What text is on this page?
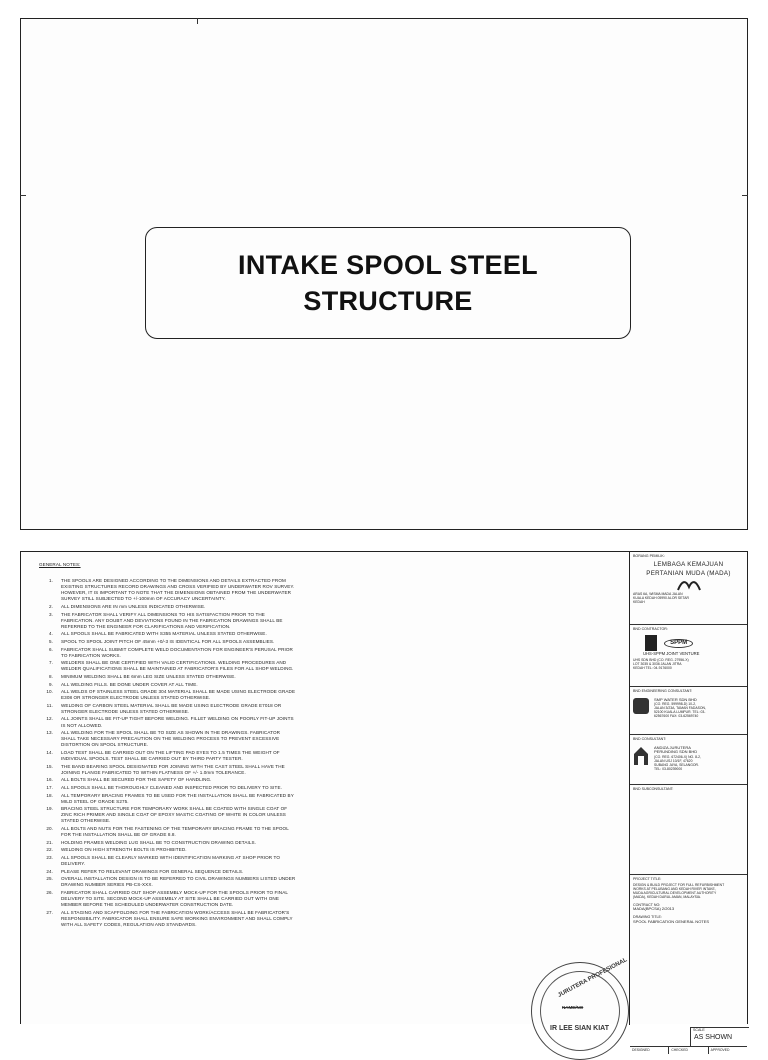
INTAKE SPOOL STEEL
STRUCTURE
GENERAL NOTES:
1.	THE SPOOLS ARE DESIGNED ACCORDING TO THE DIMENSIONS AND DETAILS EXTRACTED FROM EXISTING STRUCTURES RECORD DRAWINGS AND CROSS VERIFIED BY UNDERWATER ROV SURVEY. HOWEVER, IT IS IMPORTANT TO NOTE THAT THE DIMENSIONS OBTAINED FROM THE UNDERWATER SURVEY STILL SUBJECTED TO +/-100mm OF ACCURACY UNCERTAINTY.
2.	ALL DIMENSIONS ARE IN mm UNLESS INDICATED OTHERWISE.
3.	THE FABRICATOR SHALL VERIFY ALL DIMENSIONS TO HIS SATISFACTION PRIOR TO THE FABRICATION. ANY DOUBT AND DEVIATIONS FOUND IN THE FABRICATION DRAWINGS SHALL BE REFERRED TO THE ENGINEER FOR CLARIFICATIONS AND VERIFICATION.
4.	ALL SPOOLS SHALL BE FABRICATED WITH S355 MATERIAL UNLESS STATED OTHERWISE.
5.	SPOOL TO SPOOL JOINT PITCH OF 45mm +0/-3 IS IDENTICAL FOR ALL SPOOLS ASSEMBLIES.
6.	FABRICATOR SHALL SUBMIT COMPLETE WELD DOCUMENTATION FOR ENGINEER'S PERUSAL PRIOR TO FABRICATION WORKS.
7.	WELDERS SHALL BE ONE CERTIFIED WITH VALID CERTIFICATIONS. WELDING PROCEDURES AND WELDER QUALIFICATIONS SHALL BE MAINTAINED AT FABRICATOR'S FILES FOR ALL SHOP WELDING.
8.	MINIMUM WELDING SHALL BE 6mm LEG SIZE UNLESS STATED OTHERWISE.
9.	ALL WELDING FILLS. BE DONE UNDER COVER AT ALL TIME.
10.	ALL WELDS OF STAINLESS STEEL GRADE 304 MATERIAL SHALL BE MADE USING ELECTRODE GRADE E308 OR STRONGER ELECTRODE UNLESS STATED OTHERWISE.
11.	WELDING OF CARBON STEEL MATERIAL SHALL BE MADE USING ELECTRODE GRADE E7018 OR STRONGER ELECTRODE UNLESS STATED OTHERWISE.
12.	ALL JOINTS SHALL BE FIT-UP TIGHT BEFORE WELDING. FILLET WELDING ON POORLY FIT-UP JOINTS IS NOT ALLOWED.
13.	ALL WELDING FOR THE SPOOL SHALL BE TO SIZE AS SHOWN IN THE DRAWINGS. FABRICATOR SHALL TAKE NECESSARY PRECAUTION ON THE WELDING PROCESS TO PREVENT EXCESSIVE DISTORTION ON SPOOL STRUCTURE.
14.	LOAD TEST SHALL BE CARRIED OUT ON THE LIFTING PAD EYES TO 1.5 TIMES THE WEIGHT OF INDIVIDUAL SPOOLS. TEST SHALL BE CARRIED OUT BY THIRD PARTY TESTER.
15.	THE BAND BEARING SPOOL DESIGNATED FOR JOINING WITH THE CAST STEEL SHALL HAVE THE JOINING FLANGE FABRICATED TO WITHIN FLATNESS OF +/- 1.0mm TOLERANCE.
16.	ALL BOLTS SHALL BE SECURED FOR THE SAFETY OF HANDLING.
17.	ALL SPOOLS SHALL BE THOROUGHLY CLEANED AND INSPECTED PRIOR TO DELIVERY TO SITE.
18.	ALL TEMPORARY BRACING FRAMES TO BE USED FOR THE INSTALLATION SHALL BE FABRICATED BY MILD STEEL OF GRADE S275.
19.	BRACING STEEL STRUCTURE FOR TEMPORARY WORK SHALL BE COATED WITH SINGLE COAT OF ZINC RICH PRIMER AND SINGLE COAT OF EPOXY MASTIC COATING OF WHITE IN COLOR UNLESS STATED OTHERWISE.
20.	ALL BOLTS AND NUTS FOR THE FASTENING OF THE TEMPORARY BRACING FRAME TO THE SPOOL FOR THE INSTALLATION SHALL BE OF GRADE 8.8.
21.	HOLDING FRAMES WELDING LUG SHALL BE TO CONSTRUCTION DRAWING DETAILS.
22.	WELDING ON HIGH STRENGTH BOLTS IS PROHIBITED.
23.	ALL SPOOLS SHALL BE CLEARLY MARKED WITH IDENTIFICATION MARKING AT SHOP PRIOR TO DELIVERY.
24.	PLEASE REFER TO RELEVANT DRAWINGS FOR GENERAL SEQUENCE DETAILS.
25.	OVERALL INSTALLATION DESIGN IS TO BE REFERRED TO CIVIL DRAWINGS NUMBERS LISTED UNDER DRAWING NUMBER SERIES PB-CS-XXX.
26.	FABRICATOR SHALL CARRIED OUT SHOP ASSEMBLY MOCK-UP FOR THE SPOOLS PRIOR TO FINAL DELIVERY TO SITE. SECOND MOCK-UP ASSEMBLY AT SITE SHALL BE CARRIED OUT WITH ONE MEMBER BEFORE THE SCHEDULED UNDERWATER CONSTRUCTION DATE.
27.	ALL STAGING AND SCAFFOLDING FOR THE FABRICATION WORK/ACCESS SHALL BE FABRICATOR'S RESPONSIBILITY. FABRICATOR SHALL ENSURE SAFE WORKING ENVIRONMENT AND SHALL COMPLY WITH ALL SAFETY CODES, REGULATION AND STANDARDS.
BORANG PEMILIK:
LEMBAGA KEMAJUAN
PERTANIAN MUDA (MADA)
ARAS 6A, WISMA MADA JALAN KUALA KEDAH 05990 ALOR SETAR KEDAH
BND CONTRACTOR:
SPPM
UHS-SPPM JOINT VENTURE
UHS SDN BHD (CO. REG. 27956-X) LOT 3035 & 3036 JALAN JITRA KEDAH TEL: 04-9176000
BND ENGINEERING CONSULTANT:
SMP WATER SDN BHD
(CO. REG. 599998-D) 10-2, JALAN 3/23A, TAMAN FADASON, 52100 KUALA LUMPUR. TEL: 03-62567600 FAX: 03-62569740
BND CONSULTANT:
ANDIZA JURUTERA PERUNDING SDN BHD
(CO. REG. 672406-X) NO. 8-2, JALAN USJ 10/1F, 47620 SUBANG JAYA, SELANGOR. TEL: 03-80239000
BND SUBCONSULTANT:
PROJECT TITLE:
DESIGN & BUILD PROJECT FOR FULL REFURBISHMENT WORKS AT PELUBANG AND KEDAH RIVER INTAKE, MUDA AGRICULTURAL DEVELOPMENT AUTHORITY (MADA), KEDAH DARUL AMAN, MALAYSIA.
CONTRACT NO:
MADA(BPCSA) 2/2013
DRAWING TITLE:
SPOOL FABRICATION GENERAL NOTES
SCALE
AS SHOWN
DESIGNED	CHECKED	APPROVED
JURUTERA PROFESIONAL
NAME/NO
IR LEE SIAN KIAT
